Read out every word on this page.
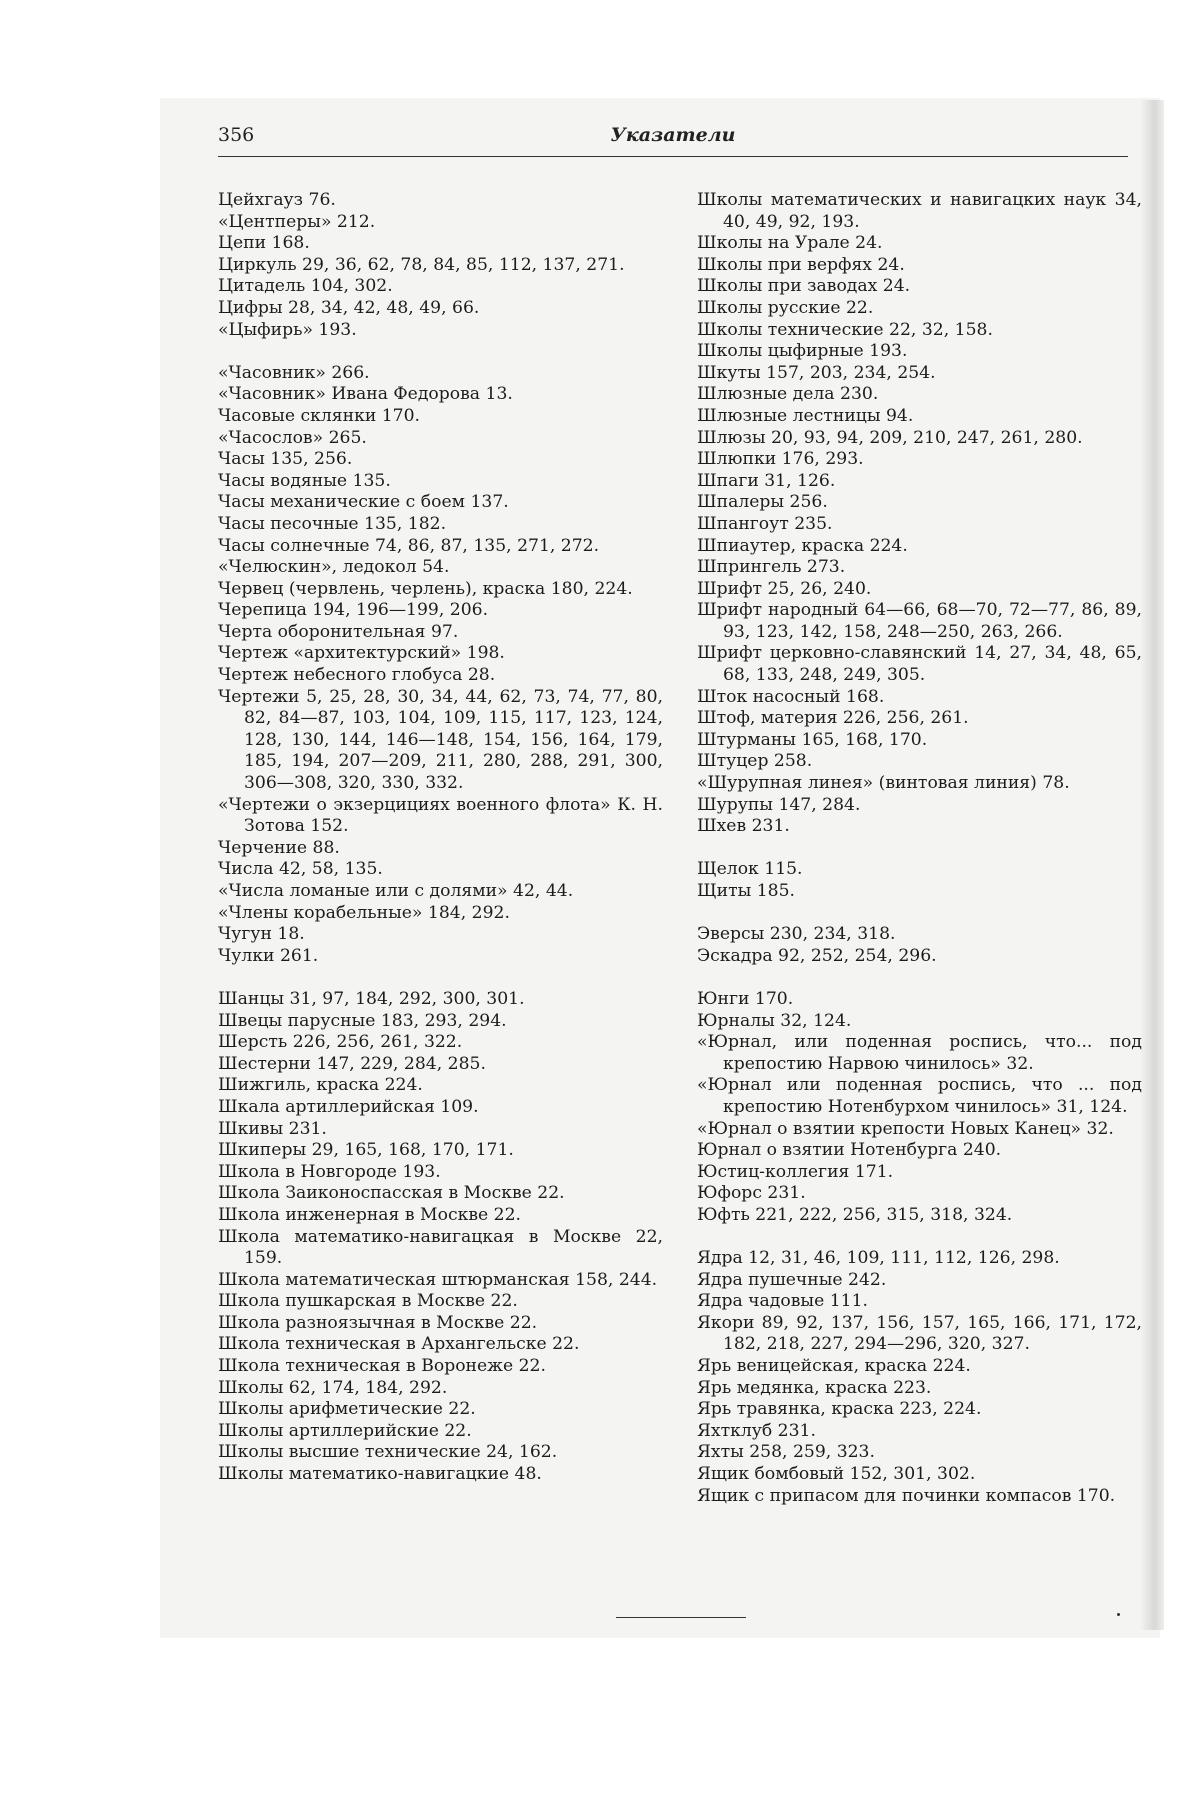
356	Указатели
Цейхгауз 76.
«Центперы» 212.
Цепи 168.
Циркуль 29, 36, 62, 78, 84, 85, 112, 137, 271.
Цитадель 104, 302.
Цифры 28, 34, 42, 48, 49, 66.
«Цыфирь» 193.
«Часовник» 266.
«Часовник» Ивана Федорова 13.
Часовые склянки 170.
«Часослов» 265.
Часы 135, 256.
Часы водяные 135.
Часы механические с боем 137.
Часы песочные 135, 182.
Часы солнечные 74, 86, 87, 135, 271, 272.
«Челюскин», ледокол 54.
Червец (червлень, черлень), краска 180, 224.
Черепица 194, 196—199, 206.
Черта оборонительная 97.
Чертеж «архитектурский» 198.
Чертеж небесного глобуса 28.
Чертежи 5, 25, 28, 30, 34, 44, 62, 73, 74, 77, 80, 82, 84—87, 103, 104, 109, 115, 117, 123, 124, 128, 130, 144, 146—148, 154, 156, 164, 179, 185, 194, 207—209, 211, 280, 288, 291, 300, 306—308, 320, 330, 332.
«Чертежи о экзерцициях военного флота» К. Н. Зотова 152.
Черчение 88.
Числа 42, 58, 135.
«Числа ломаные или с долями» 42, 44.
«Члены корабельные» 184, 292.
Чугун 18.
Чулки 261.
Шанцы 31, 97, 184, 292, 300, 301.
Швецы парусные 183, 293, 294.
Шерсть 226, 256, 261, 322.
Шестерни 147, 229, 284, 285.
Шижгиль, краска 224.
Шкала артиллерийская 109.
Шкивы 231.
Шкиперы 29, 165, 168, 170, 171.
Школа в Новгороде 193.
Школа Заиконоспасская в Москве 22.
Школа инженерная в Москве 22.
Школа математико-навигацкая в Москве 22, 159.
Школа математическая штюрманская 158, 244.
Школа пушкарская в Москве 22.
Школа разноязычная в Москве 22.
Школа техническая в Архангельске 22.
Школа техническая в Воронеже 22.
Школы 62, 174, 184, 292.
Школы арифметические 22.
Школы артиллерийские 22.
Школы высшие технические 24, 162.
Школы математико-навигацкие 48.
Школы математических и навигацких наук 34, 40, 49, 92, 193.
Школы на Урале 24.
Школы при верфях 24.
Школы при заводах 24.
Школы русские 22.
Школы технические 22, 32, 158.
Школы цыфирные 193.
Шкуты 157, 203, 234, 254.
Шлюзные дела 230.
Шлюзные лестницы 94.
Шлюзы 20, 93, 94, 209, 210, 247, 261, 280.
Шлюпки 176, 293.
Шпаги 31, 126.
Шпалеры 256.
Шпангоут 235.
Шпиаутер, краска 224.
Шпрингель 273.
Шрифт 25, 26, 240.
Шрифт народный 64—66, 68—70, 72—77, 86, 89, 93, 123, 142, 158, 248—250, 263, 266.
Шрифт церковно-славянский 14, 27, 34, 48, 65, 68, 133, 248, 249, 305.
Шток насосный 168.
Штоф, материя 226, 256, 261.
Штурманы 165, 168, 170.
Штуцер 258.
«Шурупная линея» (винтовая линия) 78.
Шурупы 147, 284.
Шхев 231.
Щелок 115.
Щиты 185.
Эверсы 230, 234, 318.
Эскадра 92, 252, 254, 296.
Юнги 170.
Юрналы 32, 124.
«Юрнал, или поденная роспись, что... под крепостию Нарвою чинилось» 32.
«Юрнал или поденная роспись, что ... под крепостию Нотенбурхом чинилось» 31, 124.
«Юрнал о взятии крепости Новых Канец» 32.
Юрнал о взятии Нотенбурга 240.
Юстиц-коллегия 171.
Юфорс 231.
Юфть 221, 222, 256, 315, 318, 324.
Ядра 12, 31, 46, 109, 111, 112, 126, 298.
Ядра пушечные 242.
Ядра чадовые 111.
Якори 89, 92, 137, 156, 157, 165, 166, 171, 172, 182, 218, 227, 294—296, 320, 327.
Ярь веницейская, краска 224.
Ярь медянка, краска 223.
Ярь травянка, краска 223, 224.
Яхтклуб 231.
Яхты 258, 259, 323.
Ящик бомбовый 152, 301, 302.
Ящик с припасом для починки компасов 170.
